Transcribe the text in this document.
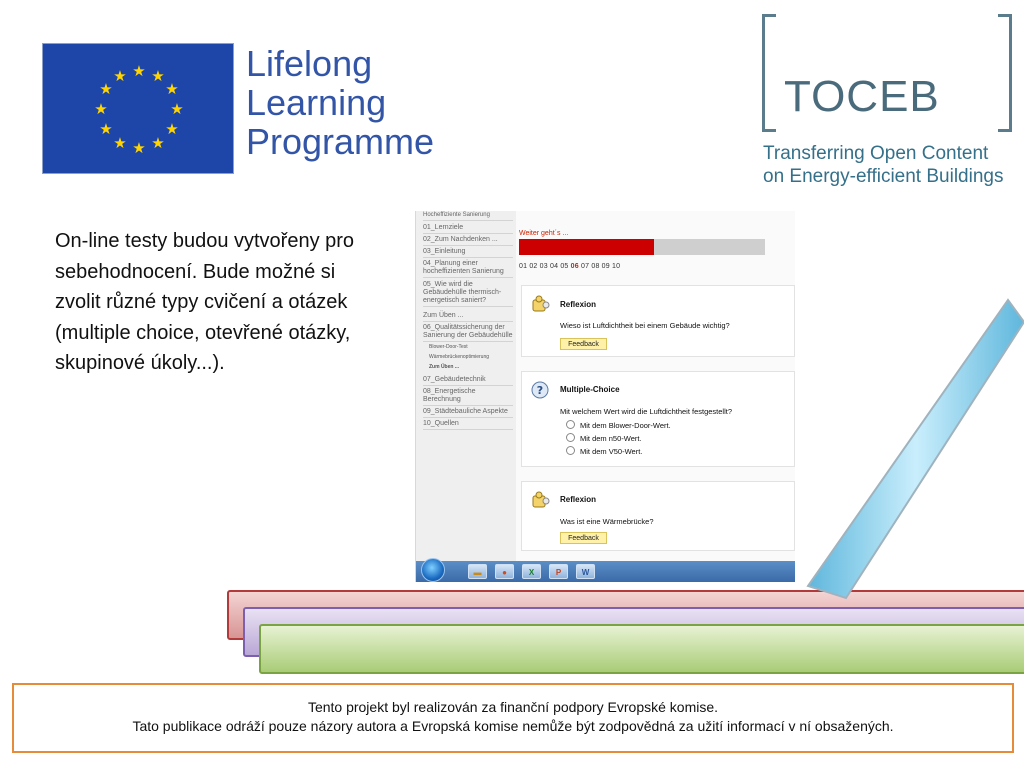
★ ★
★
★
★
★
★
★
★
★
★
★	Lifelong
Learning
Programme
TOCEB
Transferring Open Content
on Energy-efficient Buildings
On-line testy budou vytvořeny pro sebehodnocení. Bude možné si zvolit různé typy cvičení a otázek (multiple choice, otevřené otázky, skupinové úkoly...).
Hocheffiziente Sanierung
01_Lernziele
02_Zum Nachdenken ...
03_Einleitung
04_Planung einer hocheffizienten Sanierung
05_Wie wird die Gebäudehülle thermisch-energetisch saniert?
Zum Üben ...
06_Qualitätssicherung der Sanierung der Gebäudehülle
Blower-Door-Test
Wärmebrückenoptimierung
Zum Üben ...
07_Gebäudetechnik
08_Energetische Berechnung
09_Städtebauliche Aspekte
10_Quellen
Weiter geht´s ...
01 02 03 04 05 06 07 08 09 10
Reflexion
Wieso ist Luftdichtheit bei einem Gebäude wichtig?
Feedback
? Multiple-Choice
Mit welchem Wert wird die Luftdichtheit festgestellt?
Mit dem Blower-Door-Wert.
Mit dem n50-Wert.
Mit dem V50-Wert.
Reflexion
Was ist eine Wärmebrücke?
Feedback
▬	●	X	P	W
Tento projekt byl realizován za finanční podpory Evropské komise.
Tato publikace odráží pouze názory autora a Evropská komise nemůže být zodpovědná za užití informací v ní obsažených.
